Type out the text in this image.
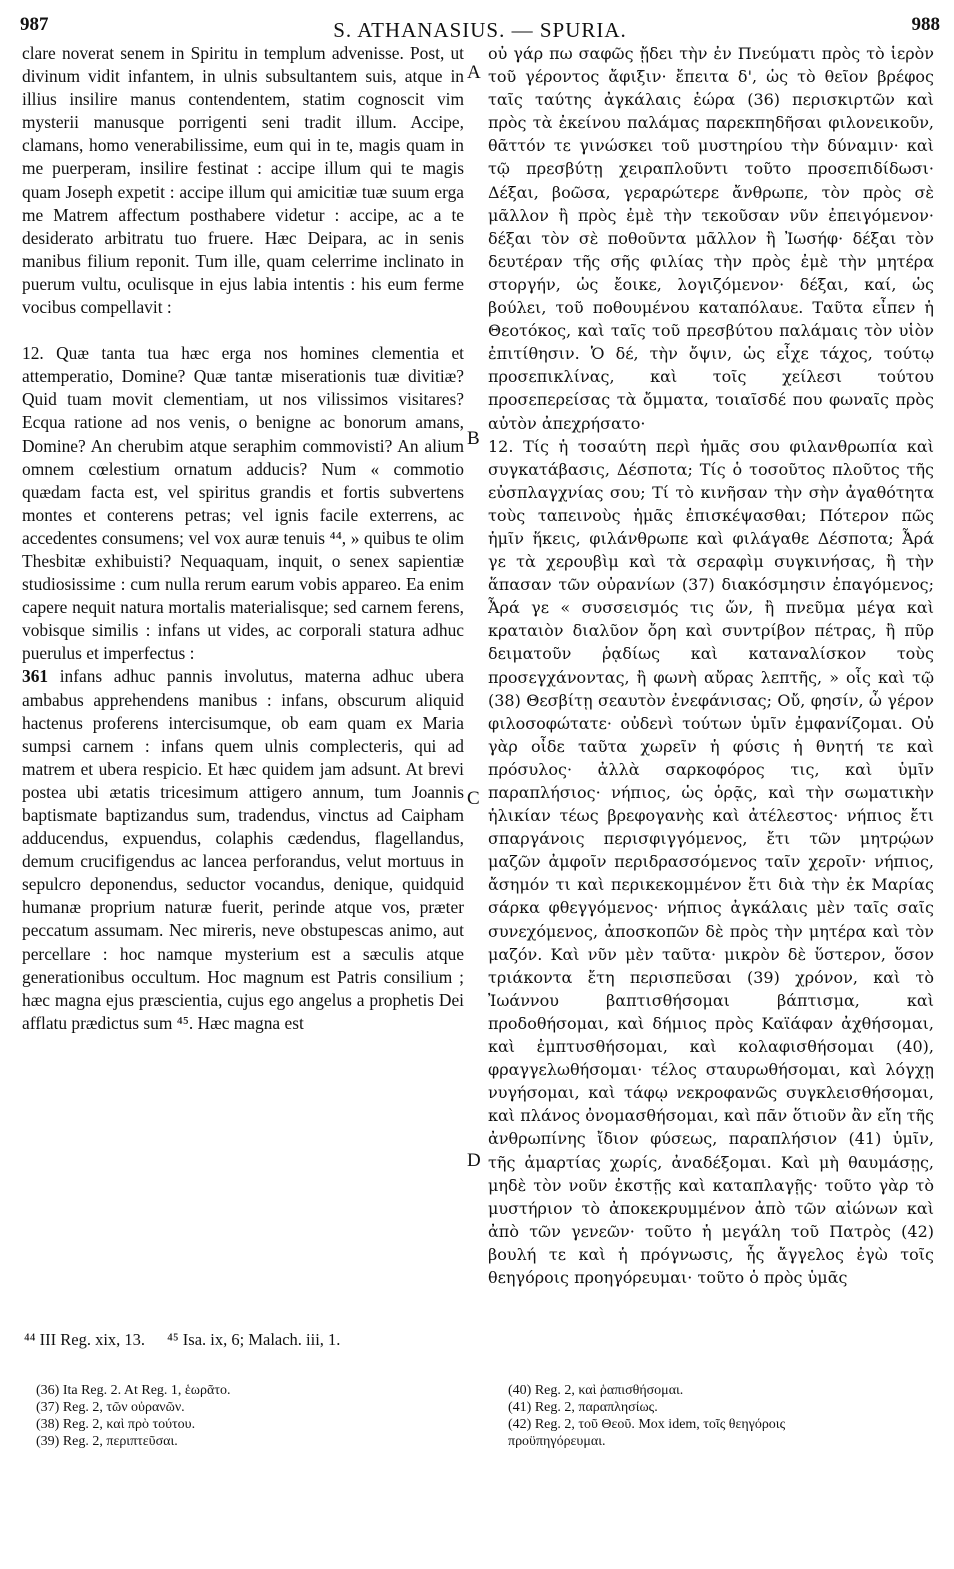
987	S. ATHANASIUS. — SPURIA.	988

clare noverat senem in Spiritu in templum advenisse. Post, ut divinum vidit infantem, in ulnis subsultantem suis, atque in illius insilire manus contendentem, statim cognoscit vim mysterii manusque porrigenti seni tradit illum. Accipe, clamans, homo venerabilissime, eum qui in te, magis quam in me puerperam, insilire festinat : accipe illum qui te magis quam Joseph expetit : accipe illum qui amicitiæ tuæ suum erga me Matrem affectum posthabere videtur : accipe, ac a te desiderato arbitratu tuo fruere. Hæc Deipara, ac in senis manibus filium reponit. Tum ille, quam celerrime inclinato in puerum vultu, oculisque in ejus labia intentis : his eum ferme vocibus compellavit :

12. Quæ tanta tua hæc erga nos homines clementia et attemperatio, Domine? Quæ tantæ miserationis tuæ divitiæ? Quid tuam movit clementiam, ut nos vilissimos visitares? Ecqua ratione ad nos venis, o benigne ac bonorum amans, Domine? An cherubim atque seraphim commovisti? An alium omnem cœlestium ornatum adducis? Num « commotio quædam facta est, vel spiritus grandis et fortis subvertens montes et conterens petras; vel ignis facile exterrens, ac accedentes consumens; vel vox auræ tenuis ⁴⁴, » quibus te olim Thesbitæ exhibuisti? Nequaquam, inquit, o senex sapientiæ studiosissime : cum nulla rerum earum vobis appareo. Ea enim capere nequit natura mortalis materialisque; sed carnem ferens, vobisque similis : infans ut vides, ac corporali statura adhuc puerulus et imperfectus :

361 infans adhuc pannis involutus, materna adhuc ubera ambabus apprehendens manibus : infans, obscurum aliquid hactenus proferens intercisumque, ob eam quam ex Maria sumpsi carnem : infans quem ulnis complecteris, qui ad matrem et ubera respicio. Et hæc quidem jam adsunt. At brevi postea ubi ætatis tricesimum attigero annum, tum Joannis baptismate baptizandus sum, tradendus, vinctus ad Caipham adducendus, expuendus, colaphis cædendus, flagellandus, demum crucifigendus ac lancea perforandus, velut mortuus in sepulcro deponendus, seductor vocandus, denique, quidquid humanæ proprium naturæ fuerit, perinde atque vos, præter peccatum assumam. Nec mireris, neve obstupescas animo, aut percellare : hoc namque mysterium est a sæculis atque generationibus occultum. Hoc magnum est Patris consilium ; hæc magna ejus præscientia, cujus ego angelus a prophetis Dei afflatu prædictus sum ⁴⁵. Hæc magna est

A
B
C
D

οὐ γάρ πω σαφῶς ᾔδει τὴν ἐν Πνεύματι πρὸς τὸ ἱερὸν τοῦ γέροντος ἄφιξιν· ἔπειτα δ', ὡς τὸ θεῖον βρέφος ταῖς ταύτης ἀγκάλαις ἑώρα (36) περισκιρτῶν καὶ πρὸς τὰ ἐκείνου παλάμας παρεκπηδῆσαι φιλονεικοῦν, θᾶττόν τε γινώσκει τοῦ μυστηρίου τὴν δύναμιν· καὶ τῷ πρεσβύτῃ χειραπλοῦντι τοῦτο προσεπιδίδωσι· Δέξαι, βοῶσα, γεραρώτερε ἄνθρωπε, τὸν πρὸς σὲ μᾶλλον ἢ πρὸς ἐμὲ τὴν τεκοῦσαν νῦν ἐπειγόμενον· δέξαι τὸν σὲ ποθοῦντα μᾶλλον ἢ Ἰωσήφ· δέξαι τὸν δευτέραν τῆς σῆς φιλίας τὴν πρὸς ἐμὲ τὴν μητέρα στοργήν, ὡς ἔοικε, λογιζόμενον· δέξαι, καί, ὡς βούλει, τοῦ ποθουμένου καταπόλαυε. Ταῦτα εἶπεν ἡ Θεοτόκος, καὶ ταῖς τοῦ πρεσβύτου παλάμαις τὸν υἱὸν ἐπιτίθησιν. Ὁ δέ, τὴν ὄψιν, ὡς εἶχε τάχος, τούτῳ προσεπικλίνας, καὶ τοῖς χείλεσι τούτου προσεπερείσας τὰ ὄμματα, τοιαῖσδέ που φωναῖς πρὸς αὐτὸν ἀπεχρήσατο·

12. Τίς ἡ τοσαύτη περὶ ἡμᾶς σου φιλανθρωπία καὶ συγκατάβασις, Δέσποτα; Τίς ὁ τοσοῦτος πλοῦτος τῆς εὐσπλαγχνίας σου; Τί τὸ κινῆσαν τὴν σὴν ἀγαθότητα τοὺς ταπεινοὺς ἡμᾶς ἐπισκέψασθαι; Πότερον πῶς ἡμῖν ἥκεις, φιλάνθρωπε καὶ φιλάγαθε Δέσποτα; Ἆρά γε τὰ χερουβὶμ καὶ τὰ σεραφὶμ συγκινήσας, ἢ τὴν ἅπασαν τῶν οὐρανίων (37) διακόσμησιν ἐπαγόμενος; Ἆρά γε « συσσεισμός τις ὤν, ἢ πνεῦμα μέγα καὶ κραταιὸν διαλῦον ὄρη καὶ συντρίβον πέτρας, ἢ πῦρ δειματοῦν ῥᾳδίως καὶ καταναλίσκον τοὺς προσεγχάνοντας, ἢ φωνὴ αὔρας λεπτῆς, » οἷς καὶ τῷ (38) Θεσβίτῃ σεαυτὸν ἐνεφάνισας; Οὔ, φησίν, ὦ γέρον φιλοσοφώτατε· οὐδενὶ τούτων ὑμῖν ἐμφανίζομαι. Οὐ γὰρ οἶδε ταῦτα χωρεῖν ἡ φύσις ἡ θνητή τε καὶ πρόσυλος· ἀλλὰ σαρκοφόρος τις, καὶ ὑμῖν παραπλήσιος· νήπιος, ὡς ὁρᾷς, καὶ τὴν σωματικὴν ἡλικίαν τέως βρεφογανὴς καὶ ἀτέλεστος· νήπιος ἔτι σπαργάνοις περισφιγγόμενος, ἔτι τῶν μητρῴων μαζῶν ἀμφοῖν περιδρασσόμενος ταῖν χεροῖν· νήπιος, ἄσημόν τι καὶ περικεκομμένον ἔτι διὰ τὴν ἐκ Μαρίας σάρκα φθεγγόμενος· νήπιος ἀγκάλαις μὲν ταῖς σαῖς συνεχόμενος, ἀποσκοπῶν δὲ πρὸς τὴν μητέρα καὶ τὸν μαζόν. Καὶ νῦν μὲν ταῦτα· μικρὸν δὲ ὕστερον, ὅσον τριάκοντα ἔτη περισπεῦσαι (39) χρόνον, καὶ τὸ Ἰωάννου βαπτισθήσομαι βάπτισμα, καὶ προδοθήσομαι, καὶ δήμιος πρὸς Καϊάφαν ἀχθήσομαι, καὶ ἐμπτυσθήσομαι, καὶ κολαφισθήσομαι (40), φραγγελωθήσομαι· τέλος σταυρωθήσομαι, καὶ λόγχῃ νυγήσομαι, καὶ τάφῳ νεκροφανῶς συγκλεισθήσομαι, καὶ πλάνος ὀνομασθήσομαι, καὶ πᾶν ὅτιοῦν ἂν εἴη τῆς ἀνθρωπίνης ἴδιον φύσεως, παραπλήσιον (41) ὑμῖν, τῆς ἁμαρτίας χωρίς, ἀναδέξομαι. Καὶ μὴ θαυμάσῃς, μηδὲ τὸν νοῦν ἐκστῇς καὶ καταπλαγῇς· τοῦτο γὰρ τὸ μυστήριον τὸ ἀποκεκρυμμένον ἀπὸ τῶν αἰώνων καὶ ἀπὸ τῶν γενεῶν· τοῦτο ἡ μεγάλη τοῦ Πατρὸς (42) βουλή τε καὶ ἡ πρόγνωσις, ἧς ἄγγελος ἐγὼ τοῖς θεηγόροις προηγόρευμαι· τοῦτο ὁ πρὸς ὑμᾶς

⁴⁴ III Reg. xix, 13. ⁴⁵ Isa. ix, 6; Malach. iii, 1.
(36) Ita Reg. 2. At Reg. 1, ἑωρᾶτο.
(37) Reg. 2, τῶν οὐρανῶν.
(38) Reg. 2, καὶ πρὸ τούτου.
(39) Reg. 2, περιπτεῦσαι.
(40) Reg. 2, καὶ ῥαπισθήσομαι.
(41) Reg. 2, παραπλησίως.
(42) Reg. 2, τοῦ Θεοῦ. Mox idem, τοῖς θεηγόροις
προϋπηγόρευμαι.
